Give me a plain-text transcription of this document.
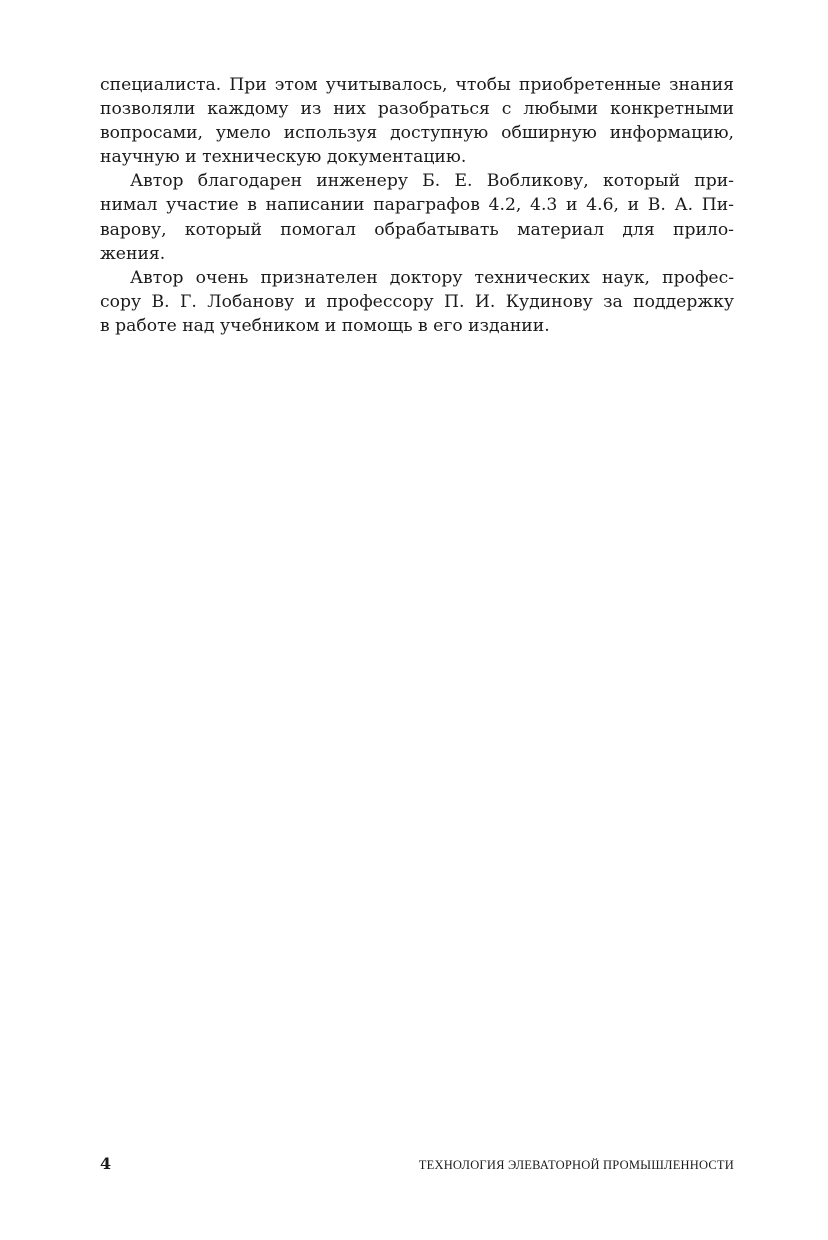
специалиста. При этом учитывалось, чтобы приобретенные знания
позволяли каждому из них разобраться с любыми конкретными
вопросами, умело используя доступную обширную информацию,
научную и техническую документацию.
Автор благодарен инженеру Б. Е. Вобликову, который при-
нимал участие в написании параграфов 4.2, 4.3 и 4.6, и В. А. Пи-
варову, который помогал обрабатывать материал для прило-
жения.
Автор очень признателен доктору технических наук, профес-
сору В. Г. Лобанову и профессору П. И. Кудинову за поддержку
в работе над учебником и помощь в его издании.
4	ТЕХНОЛОГИЯ ЭЛЕВАТОРНОЙ ПРОМЫШЛЕННОСТИ
